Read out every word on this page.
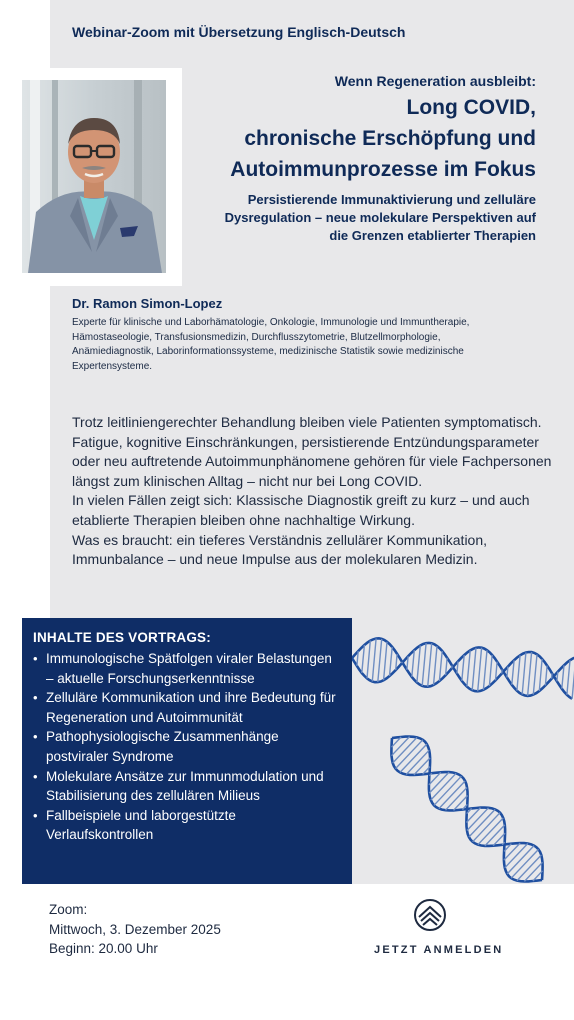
Webinar-Zoom mit Übersetzung Englisch-Deutsch
Wenn Regeneration ausbleibt:
Long COVID,
chronische Erschöpfung und
Autoimmunprozesse im Fokus
Persistierende Immunaktivierung und zelluläre
Dysregulation – neue molekulare Perspektiven auf
die Grenzen etablierter Therapien
Dr. Ramon Simon-Lopez
Experte für klinische und Laborhämatologie, Onkologie, Immunologie und Immuntherapie, Hämostaseologie, Transfusionsmedizin, Durchflusszytometrie, Blutzellmorphologie, Anämiediagnostik, Laborinformationssysteme, medizinische Statistik sowie medizinische Expertensysteme.

Trotz leitliniengerechter Behandlung bleiben viele Patienten symptomatisch. Fatigue, kognitive Einschränkungen, persistierende Entzündungsparameter oder neu auftretende Autoimmunphänomene gehören für viele Fachpersonen längst zum klinischen Alltag – nicht nur bei Long COVID.

In vielen Fällen zeigt sich: Klassische Diagnostik greift zu kurz – und auch etablierte Therapien bleiben ohne nachhaltige Wirkung.

Was es braucht: ein tieferes Verständnis zellulärer Kommunikation, Immunbalance – und neue Impulse aus der molekularen Medizin.

INHALTE DES VORTRAGS:
• Immunologische Spätfolgen viraler Belastungen – aktuelle Forschungserkenntnisse
• Zelluläre Kommunikation und ihre Bedeutung für Regeneration und Autoimmunität
• Pathophysiologische Zusammenhänge postviraler Syndrome
• Molekulare Ansätze zur Immunmodulation und Stabilisierung des zellulären Milieus
• Fallbeispiele und laborgestützte Verlaufskontrollen
Zoom:
Mittwoch, 3. Dezember 2025
Beginn: 20.00 Uhr	JETZT ANMELDEN
